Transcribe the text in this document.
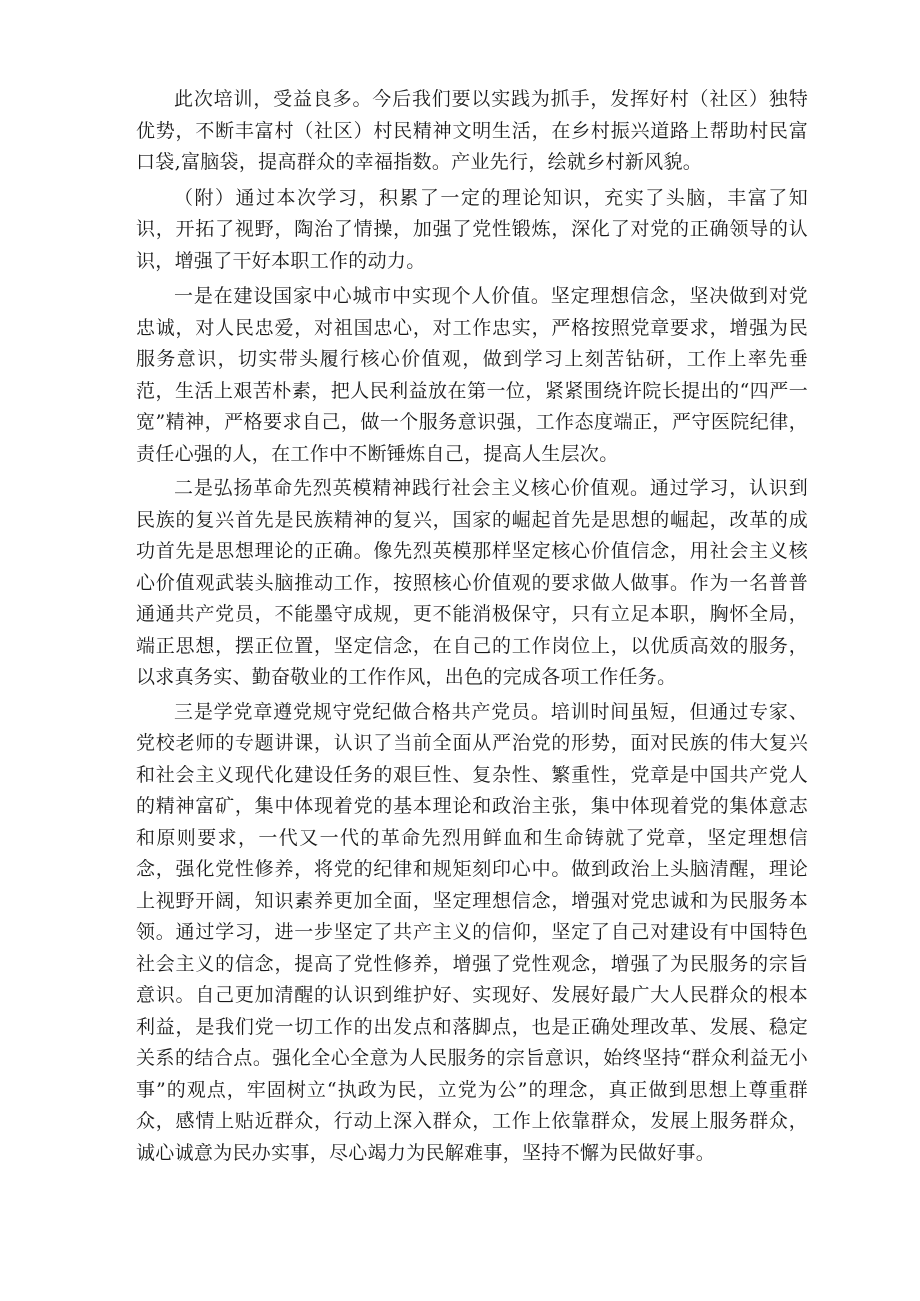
此次培训，受益良多。今后我们要以实践为抓手，发挥好村（社区）独特优势，不断丰富村（社区）村民精神文明生活，在乡村振兴道路上帮助村民富口袋,富脑袋，提高群众的幸福指数。产业先行，绘就乡村新风貌。

（附）通过本次学习，积累了一定的理论知识，充实了头脑，丰富了知识，开拓了视野，陶治了情操，加强了党性锻炼，深化了对党的正确领导的认识，增强了干好本职工作的动力。

一是在建设国家中心城市中实现个人价值。坚定理想信念，坚决做到对党忠诚，对人民忠爱，对祖国忠心，对工作忠实，严格按照党章要求，增强为民服务意识，切实带头履行核心价值观，做到学习上刻苦钻研，工作上率先垂范，生活上艰苦朴素，把人民利益放在第一位，紧紧围绕许院长提出的“四严一宽”精神，严格要求自己，做一个服务意识强，工作态度端正，严守医院纪律，责任心强的人，在工作中不断锤炼自己，提高人生层次。

二是弘扬革命先烈英模精神践行社会主义核心价值观。通过学习，认识到民族的复兴首先是民族精神的复兴，国家的崛起首先是思想的崛起，改革的成功首先是思想理论的正确。像先烈英模那样坚定核心价值信念，用社会主义核心价值观武装头脑推动工作，按照核心价值观的要求做人做事。作为一名普普通通共产党员，不能墨守成规，更不能消极保守，只有立足本职，胸怀全局，端正思想，摆正位置，坚定信念，在自己的工作岗位上，以优质高效的服务，以求真务实、勤奋敬业的工作作风，出色的完成各项工作任务。

三是学党章遵党规守党纪做合格共产党员。培训时间虽短，但通过专家、党校老师的专题讲课，认识了当前全面从严治党的形势，面对民族的伟大复兴和社会主义现代化建设任务的艰巨性、复杂性、繁重性，党章是中国共产党人的精神富矿，集中体现着党的基本理论和政治主张，集中体现着党的集体意志和原则要求，一代又一代的革命先烈用鲜血和生命铸就了党章，坚定理想信念，强化党性修养，将党的纪律和规矩刻印心中。做到政治上头脑清醒，理论上视野开阔，知识素养更加全面，坚定理想信念，增强对党忠诚和为民服务本领。通过学习，进一步坚定了共产主义的信仰，坚定了自己对建设有中国特色社会主义的信念，提高了党性修养，增强了党性观念，增强了为民服务的宗旨意识。自己更加清醒的认识到维护好、实现好、发展好最广大人民群众的根本利益，是我们党一切工作的出发点和落脚点，也是正确处理改革、发展、稳定关系的结合点。强化全心全意为人民服务的宗旨意识，始终坚持“群众利益无小事”的观点，牢固树立“执政为民，立党为公”的理念，真正做到思想上尊重群众，感情上贴近群众，行动上深入群众，工作上依靠群众，发展上服务群众，诚心诚意为民办实事，尽心竭力为民解难事，坚持不懈为民做好事。
